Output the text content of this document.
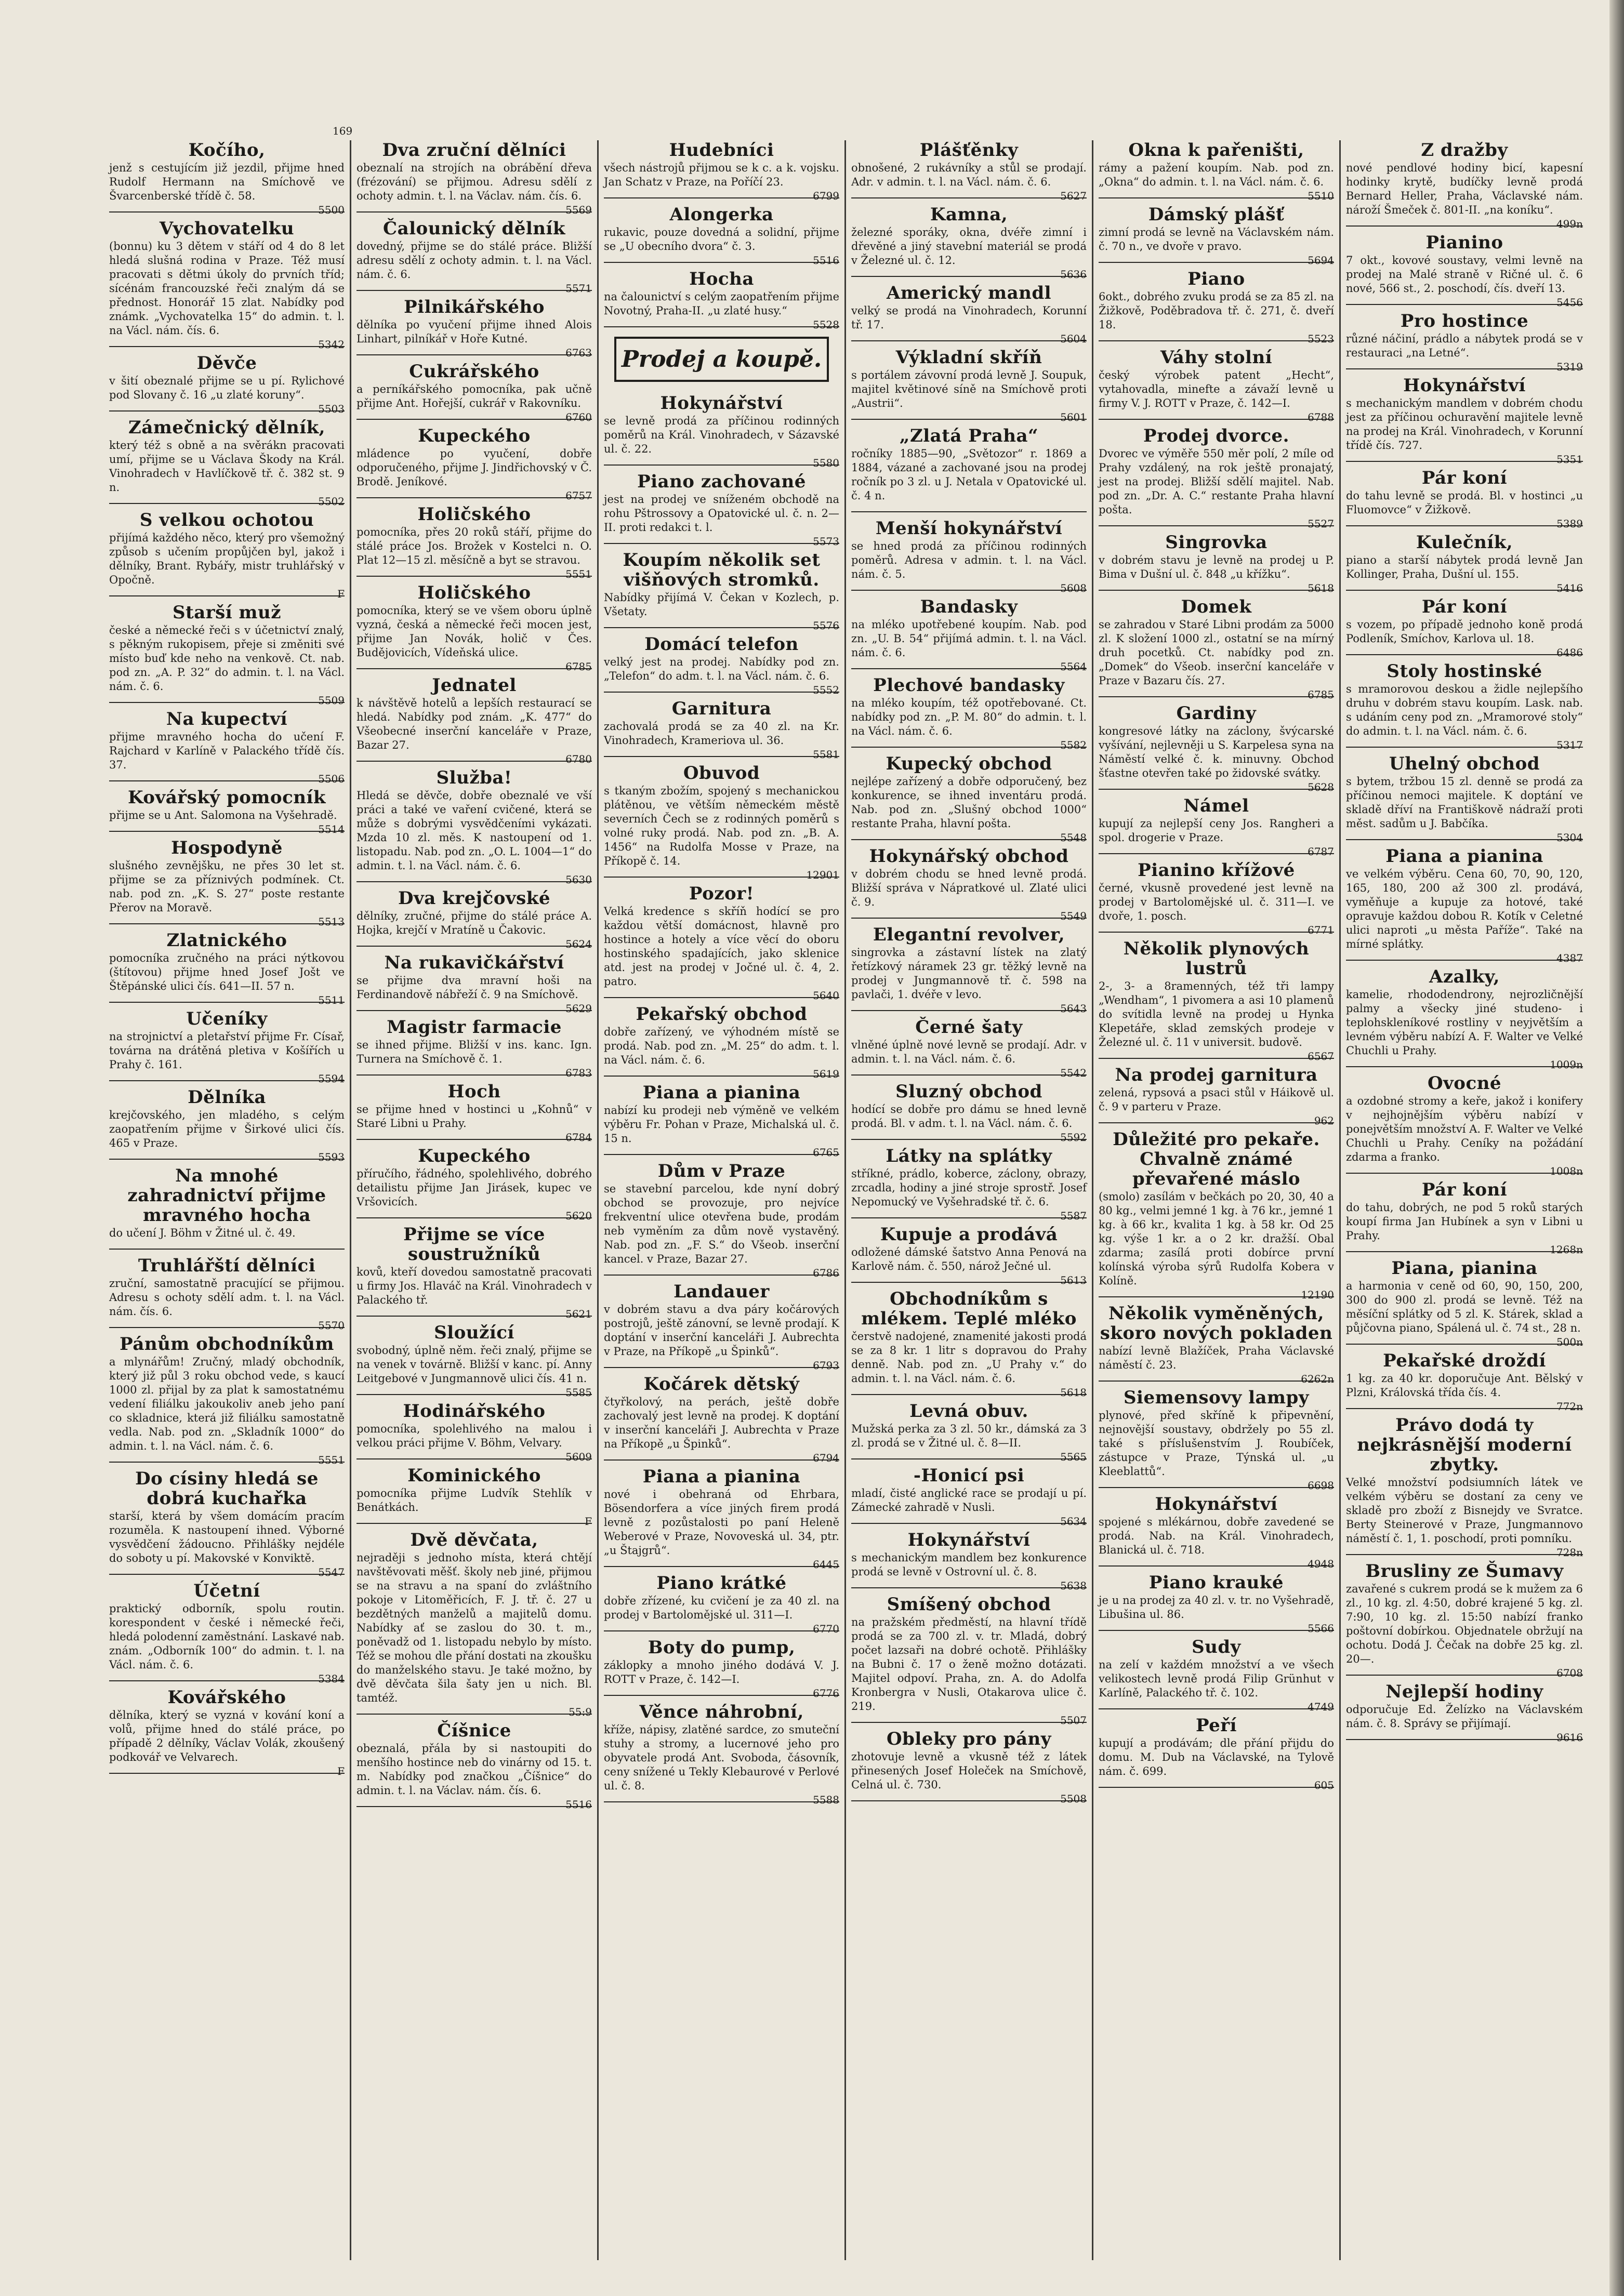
Kočího,

jenž s cestujícím již jezdil, přijme hned Rudolf Hermann na Smíchově ve Švarcenberské třídě č. 58.

5500
Vychovatelku

(bonnu) ku 3 dětem v stáří od 4 do 8 let hledá slušná rodina v Praze. Též musí pracovati s dětmi úkoly do prvních tříd; sícénám francouzské řeči znalým dá se přednost. Honorář 15 zlat. Nabídky pod známk. „Vychovatelka 15“ do admin. t. l. na Václ. nám. čís. 6.

5342
Děvče

v šití obeznalé přijme se u pí. Rylichové pod Slovany č. 16 „u zlaté koruny“.

5503
Zámečnický dělník,

který též s obně a na svěrákn pracovati umí, přijme se u Václava Škody na Král. Vinohradech v Havlíčkově tř. č. 382 st. 9 n.

5502
S velkou ochotou

přijímá každého něco, který pro všemožný způsob s učením propůjčen byl, jakož i dělníky, Brant. Rybářy, mistr truhlářský v Opočně.

F
Starší muž

české a německé řeči s v účetnictví znalý, s pěkným rukopisem, přeje si změniti své místo buď kde neho na venkově. Ct. nab. pod zn. „A. P. 32“ do admin. t. l. na Václ. nám. č. 6.

5509
Na kupectví

přijme mravného hocha do učení F. Rajchard v Karlíně v Palackého třídě čís. 37.

5506
Kovářský pomocník

přijme se u Ant. Salomona na Vyšehradě.

5514
Hospodyně

slušného zevnějšku, ne přes 30 let st. přijme se za příznivých podmínek. Ct. nab. pod zn. „K. S. 27“ poste restante Přerov na Moravě.

5513
Zlatnického

pomocníka zručného na práci nýtkovou (štítovou) přijme hned Josef Jošt ve Štěpánské ulici čís. 641—II. 57 n.

5511
Učeníky

na strojnictví a pletařství přijme Fr. Císař, továrna na drátěná pletiva v Košířích u Prahy č. 161.

5594
Dělníka

krejčovského, jen mladého, s celým zaopatřením přijme v Širkové ulici čís. 465 v Praze.

5593
Na mnohé zahradnictví přijme mravného hocha

do učení J. Böhm v Žitné ul. č. 49.

Truhlářští dělníci

zruční, samostatně pracující se přijmou. Adresu s ochoty sdělí adm. t. l. na Václ. nám. čís. 6.

5570
Pánům obchodníkům

a mlynářům! Zručný, mladý obchodník, který již půl 3 roku obchod vede, s kaucí 1000 zl. přijal by za plat k samostatnému vedení filiálku jakoukoliv aneb jeho paní co skladnice, která již filiálku samostatně vedla. Nab. pod zn. „Skladník 1000“ do admin. t. l. na Václ. nám. č. 6.

5551
Do císiny hledá se dobrá kuchařka

starší, která by všem domácím pracím rozuměla. K nastoupení ihned. Výborné vysvědčení žádoucno. Přihlášky nejdéle do soboty u pí. Makovské v Konviktě.

5547
Účetní

praktický odborník, spolu routin. korespondent v české i německé řeči, hledá polodenní zaměstnání. Laskavé nab. znám. „Odborník 100“ do admin. t. l. na Václ. nám. č. 6.

5384
Kovářského

dělníka, který se vyzná v kování koní a volů, přijme hned do stálé práce, po případě 2 dělníky, Václav Volák, zkoušený podkovář ve Velvarech.

F
Dva zruční dělníci

obeznalí na strojích na obrábění dřeva (frézování) se přijmou. Adresu sdělí z ochoty admin. t. l. na Václav. nám. čís. 6.

5569
Čalounický dělník

dovedný, přijme se do stálé práce. Bližší adresu sdělí z ochoty admin. t. l. na Václ. nám. č. 6.

5571
Pilnikářského

dělníka po vyučení přijme ihned Alois Linhart, pilníkář v Hoře Kutné.

6763
Cukrářského

a perníkářského pomocníka, pak učně přijme Ant. Hořejší, cukrář v Rakovníku.

6760
Kupeckého

mládence po vyučení, dobře odporučeného, přijme J. Jindřichovský v Č. Brodě. Jeníkové.

6757
Holičského

pomocníka, přes 20 roků stáří, přijme do stálé práce Jos. Brožek v Kostelci n. O. Plat 12—15 zl. měsíčně a byt se stravou.

5551
Holičského

pomocníka, který se ve všem oboru úplně vyzná, česká a německé řeči mocen jest, přijme Jan Novák, holič v Čes. Budějovicích, Vídeňská ulice.

6785
Jednatel

k návštěvě hotelů a lepších restaurací se hledá. Nabídky pod znám. „K. 477“ do Všeobecné inserční kanceláře v Praze, Bazar 27.

6780
Služba!

Hledá se děvče, dobře obeznalé ve vší práci a také ve vaření cvičené, která se může s dobrými vysvědčeními vykázati. Mzda 10 zl. měs. K nastoupení od 1. listopadu. Nab. pod zn. „O. L. 1004—1“ do admin. t. l. na Václ. nám. č. 6.

5630
Dva krejčovské

dělníky, zručné, přijme do stálé práce A. Hojka, krejčí v Mratíně u Čakovic.

5624
Na rukavičkářství

se přijme dva mravní hoši na Ferdinandově nábřeží č. 9 na Smíchově.

5629
Magistr farmacie

se ihned přijme. Bližší v ins. kanc. Ign. Turnera na Smíchově č. 1.

6783
Hoch

se přijme hned v hostinci u „Kohnů“ v Staré Libni u Prahy.

6784
Kupeckého

příručího, řádného, spolehlivého, dobrého detailistu přijme Jan Jirásek, kupec ve Vršovicích.

5620
Přijme se více soustružníků

kovů, kteří dovedou samostatně pracovati u firmy Jos. Hlaváč na Král. Vinohradech v Palackého tř.

5621
Sloužící

svobodný, úplně něm. řeči znalý, přijme se na venek v továrně. Bližší v kanc. pí. Anny Leitgebové v Jungmannově ulici čís. 41 n.

5585
Hodinářského

pomocníka, spolehlivého na malou i velkou práci přijme V. Böhm, Velvary.

5609
Kominického

pomocníka přijme Ludvík Stehlík v Benátkách.

F
Dvě děvčata,

nejraději s jednoho místa, která chtějí navštěvovati měšť. školy neb jiné, přijmou se na stravu a na spaní do zvláštního pokoje v Litoměřicích, F. J. tř. č. 27 u bezdětných manželů a majitelů domu. Nabídky ať se zaslou do 30. t. m., poněvadž od 1. listopadu nebylo by místo. Též se mohou dle přání dostati na zkoušku do manželského stavu. Je také možno, by dvě děvčata šila šaty jen u nich. Bl. tamtéž.

55:9
Číšnice

obeznalá, přála by si nastoupiti do menšího hostince neb do vinárny od 15. t. m. Nabídky pod značkou „Číšnice“ do admin. t. l. na Václav. nám. čís. 6.

5516
Hudebníci

všech nástrojů přijmou se k c. a k. vojsku. Jan Schatz v Praze, na Poříčí 23.

6799
Alongerka

rukavic, pouze dovedná a solidní, přijme se „U obecního dvora“ č. 3.

5516
Hocha

na čalounictví s celým zaopatřením přijme Novotný, Praha-II. „u zlaté husy.“

5528
Prodej a koupě.
Hokynářství

se levně prodá za příčinou rodinných poměrů na Král. Vinohradech, v Sázavské ul. č. 22.

5580
Piano zachované

jest na prodej ve sníženém obchodě na rohu Pštrossovy a Opatovické ul. č. n. 2—II. proti redakci t. l.

5573
Koupím několik set višňových stromků.

Nabídky přijímá V. Čekan v Kozlech, p. Všetaty.

5576
Domácí telefon

velký jest na prodej. Nabídky pod zn. „Telefon“ do adm. t. l. na Václ. nám. č. 6.

5552
Garnitura

zachovalá prodá se za 40 zl. na Kr. Vinohradech, Krameriova ul. 36.

5581
Obuvod

s tkaným zbožím, spojený s mechanickou plátěnou, ve větším německém městě severních Čech se z rodinných poměrů s volné ruky prodá. Nab. pod zn. „B. A. 1456“ na Rudolfa Mosse v Praze, na Příkopě č. 14.

12901
Pozor!

Velká kredence s skříň hodící se pro každou větší domácnost, hlavně pro hostince a hotely a více věcí do oboru hostinského spadajících, jako sklenice atd. jest na prodej v Jočné ul. č. 4, 2. patro.

5640
Pekařský obchod

dobře zařízený, ve výhodném místě se prodá. Nab. pod zn. „M. 25“ do adm. t. l. na Václ. nám. č. 6.

5619
Piana a pianina

nabízí ku prodeji neb výměně ve velkém výběru Fr. Pohan v Praze, Michalská ul. č. 15 n.

6765
Dům v Praze

se stavební parcelou, kde nyní dobrý obchod se provozuje, pro nejvíce frekventní ulice otevřena bude, prodám neb vyměním za dům nově vystavěný. Nab. pod zn. „F. S.“ do Všeob. inserční kancel. v Praze, Bazar 27.

6786
Landauer

v dobrém stavu a dva páry kočárových postrojů, ještě zánovní, se levně prodají. K doptání v inserční kanceláři J. Aubrechta v Praze, na Příkopě „u Špinků“.

6793
Kočárek dětský

čtyřkolový, na perách, ještě dobře zachovalý jest levně na prodej. K doptání v inserční kanceláři J. Aubrechta v Praze na Příkopě „u Špinků“.

6794
Piana a pianina

nové i obehraná od Ehrbara, Bösendorfera a více jiných firem prodá levně z pozůstalosti po paní Heleně Weberové v Praze, Novoveská ul. 34, ptr. „u Štajgrů“.

6445
Piano krátké

dobře zřízené, ku cvičení je za 40 zl. na prodej v Bartolomějské ul. 311—I.

6770
Boty do pump,

záklopky a mnoho jiného dodává V. J. ROTT v Praze, č. 142—I.

6776
Věnce náhrobní,

kříže, nápisy, zlatěné sardce, zo smuteční stuhy a stromy, a lucernové jeho pro obyvatele prodá Ant. Svoboda, čásovník, ceny snížené u Tekly Klebaurové v Perlové ul. č. 8.

5588
Plášťěnky

obnošené, 2 rukávníky a stůl se prodají. Adr. v admin. t. l. na Václ. nám. č. 6.

5627
Kamna,

železné sporáky, okna, dvéře zimní i dřevěné a jiný stavební materiál se prodá v Železné ul. č. 12.

5636
Americký mandl

velký se prodá na Vinohradech, Korunní tř. 17.

5604
Výkladní skříň

s portálem závovní prodá levně J. Soupuk, majitel květinové síně na Smíchově proti „Austrii“.

5601
„Zlatá Praha“

ročníky 1885—90, „Světozor“ r. 1869 a 1884, vázané a zachované jsou na prodej ročník po 3 zl. u J. Netala v Opatovické ul. č. 4 n.

Menší hokynářství

se hned prodá za příčinou rodinných poměrů. Adresa v admin. t. l. na Václ. nám. č. 5.

5608
Bandasky

na mléko upotřebené koupím. Nab. pod zn. „U. B. 54“ přijímá admin. t. l. na Václ. nám. č. 6.

5564
Plechové bandasky

na mléko koupím, též opotřebované. Ct. nabídky pod zn. „P. M. 80“ do admin. t. l. na Václ. nám. č. 6.

5582
Kupecký obchod

nejlépe zařízený a dobře odporučený, bez konkurence, se ihned inventáru prodá. Nab. pod zn. „Slušný obchod 1000“ restante Praha, hlavní pošta.

5548
Hokynářský obchod

v dobrém chodu se hned levně prodá. Bližší správa v Nápratkové ul. Zlaté ulici č. 9.

5549
Elegantní revolver,

singrovka a zástavní lístek na zlatý řetízkový náramek 23 gr. těžký levně na prodej v Jungmannově tř. č. 598 na pavlači, 1. dvéře v levo.

5643
Černé šaty

vlněné úplně nové levně se prodají. Adr. v admin. t. l. na Václ. nám. č. 6.

5542
Sluzný obchod

hodící se dobře pro dámu se hned levně prodá. Bl. v adm. t. l. na Václ. nám. č. 6.

5592
Látky na splátky

stříkné, prádlo, koberce, záclony, obrazy, zrcadla, hodiny a jiné stroje sprostř. Josef Nepomucký ve Vyšehradské tř. č. 6.

5587
Kupuje a prodává

odložené dámské šatstvo Anna Penová na Karlově nám. č. 550, nárož Ječné ul.

5613
Obchodníkům s mlékem. Teplé mléko

čerstvě nadojené, znamenité jakosti prodá se za 8 kr. 1 litr s dopravou do Prahy denně. Nab. pod zn. „U Prahy v.“ do admin. t. l. na Václ. nám. č. 6.

5618
Levná obuv.

Mužská perka za 3 zl. 50 kr., dámská za 3 zl. prodá se v Žitné ul. č. 8—II.

5565
-Honicí psi

mladí, čisté anglické race se prodají u pí. Zámecké zahradě v Nusli.

5634
Hokynářství

s mechanickým mandlem bez konkurence prodá se levně v Ostrovní ul. č. 8.

5638
Smíšený obchod

na pražském předměstí, na hlavní třídě prodá se za 700 zl. v. tr. Mladá, dobrý počet lazsaři na dobré ochotě. Přihlášky na Bubni č. 17 o ženě možno dotázati. Majitel odpoví. Praha, zn. A. do Adolfa Kronbergra v Nusli, Otakarova ulice č. 219.

5507
Obleky pro pány

zhotovuje levně a vkusně též z látek přinesených Josef Holeček na Smíchově, Celná ul. č. 730.

5508
Okna k pařeništi,

rámy a pažení koupím. Nab. pod zn. „Okna“ do admin. t. l. na Václ. nám. č. 6.

5510
Dámský plášť

zimní prodá se levně na Václavském nám. č. 70 n., ve dvoře v pravo.

5694
Piano

6okt., dobrého zvuku prodá se za 85 zl. na Žižkově, Poděbradova tř. č. 271, č. dveří 18.

5523
Váhy stolní

český výrobek patent „Hecht“, vytahovadla, minefte a závaží levně u firmy V. J. ROTT v Praze, č. 142—I.

6788
Prodej dvorce.

Dvorec ve výměře 550 měr polí, 2 míle od Prahy vzdálený, na rok ještě pronajatý, jest na prodej. Bližší sdělí majitel. Nab. pod zn. „Dr. A. C.“ restante Praha hlavní pošta.

5527
Singrovka

v dobrém stavu je levně na prodej u P. Bima v Dušní ul. č. 848 „u křížku“.

5618
Domek

se zahradou v Staré Libni prodám za 5000 zl. K složení 1000 zl., ostatní se na mírný druh pocetků. Ct. nabídky pod zn. „Domek“ do Všeob. inserční kanceláře v Praze v Bazaru čís. 27.

6785
Gardiny

kongresové látky na záclony, švýcarské vyšívání, nejlevněji u S. Karpelesa syna na Náměstí velké č. k. minuvny. Obchod šťastne otevřen také po židovské svátky.

5628
Námel

kupují za nejlepší ceny Jos. Rangheri a spol. drogerie v Praze.

6787
Pianino křížové

černé, vkusně provedené jest levně na prodej v Bartolomějské ul. č. 311—I. ve dvoře, 1. posch.

6771
Několik plynových lustrů

2-, 3- a 8ramenných, též tři lampy „Wendham“, 1 pivomera a asi 10 plamenů do svítidla levně na prodej u Hynka Klepetáře, sklad zemských prodeje v Železné ul. č. 11 v universit. budově.

6567
Na prodej garnitura

zelená, rypsová a psaci stůl v Háikově ul. č. 9 v parteru v Praze.

962
Důležité pro pekaře. Chvalně známé převařené máslo

(smolo) zasílám v bečkách po 20, 30, 40 a 80 kg., velmi jemné 1 kg. à 76 kr., jemné 1 kg. à 66 kr., kvalita 1 kg. à 58 kr. Od 25 kg. výše 1 kr. a o 2 kr. dražší. Obal zdarma; zasílá proti dobírce první kolínská výroba sýrů Rudolfa Kobera v Kolíně.

12190
Několik vyměněných, skoro nových pokladen

nabízí levně Blažíček, Praha Václavské náměstí č. 23.

6262n
Siemensovy lampy

plynové, před skříně k připevnění, nejnovější soustavy, obdržely po 55 zl. také s příslušenstvím J. Roubíček, zástupce v Praze, Týnská ul. „u Kleeblattů“.

6698
Hokynářství

spojené s mlékárnou, dobře zavedené se prodá. Nab. na Král. Vinohradech, Blanická ul. č. 718.

4948
Piano krauké

je u na prodej za 40 zl. v. tr. no Vyšehradě, Libušina ul. 86.

5566
Sudy

na zelí v každém množství a ve všech velikostech levně prodá Filip Grünhut v Karlíně, Palackého tř. č. 102.

4749
Peří

kupují a prodávám; dle přání přijdu do domu. M. Dub na Václavské, na Tylově nám. č. 699.

605
Z dražby

nové pendlové hodiny bicí, kapesní hodinky krytě, budíčky levně prodá Bernard Heller, Praha, Václavské nám. nároží Šmeček č. 801-II. „na koníku“.

499n
Pianino

7 okt., kovové soustavy, velmi levně na prodej na Malé straně v Ričné ul. č. 6 nové, 566 st., 2. poschodí, čís. dveří 13.

5456
Pro hostince

různé náčiní, prádlo a nábytek prodá se v restauraci „na Letné“.

5319
Hokynářství

s mechanickým mandlem v dobrém chodu jest za příčinou ochuravění majitele levně na prodej na Král. Vinohradech, v Korunní třídě čís. 727.

5351
Pár koní

do tahu levně se prodá. Bl. v hostinci „u Fluomovce“ v Žižkově.

5389
Kulečník,

piano a starší nábytek prodá levně Jan Kollinger, Praha, Dušní ul. 155.

5416
Pár koní

s vozem, po případě jednoho koně prodá Podleník, Smíchov, Karlova ul. 18.

6486
Stoly hostinské

s mramorovou deskou a židle nejlepšího druhu v dobrém stavu koupím. Lask. nab. s udáním ceny pod zn. „Mramorové stoly“ do admin. t. l. na Václ. nám. č. 6.

5317
Uhelný obchod

s bytem, tržbou 15 zl. denně se prodá za příčinou nemoci majitele. K doptání ve skladě dříví na Františkově nádraží proti měst. sadům u J. Babčíka.

5304
Piana a pianina

ve velkém výběru. Cena 60, 70, 90, 120, 165, 180, 200 až 300 zl. prodává, vyměňuje a kupuje za hotové, také opravuje každou dobou R. Kotík v Celetné ulici naproti „u města Paříže“. Také na mírné splátky.

4387
Azalky,

kamelie, rhododendrony, nejrozličnější palmy a všecky jiné studeno- i teplohskleníkové rostliny v neyjvětším a levném výběru nabízí A. F. Walter ve Velké Chuchli u Prahy.

1009n
Ovocné

a ozdobné stromy a keře, jakož i konifery v nejhojnějším výběru nabízí v ponejvětším množství A. F. Walter ve Velké Chuchli u Prahy. Ceníky na požádání zdarma a franko.

1008n
Pár koní

do tahu, dobrých, ne pod 5 roků starých koupí firma Jan Hubínek a syn v Libni u Prahy.

1268n
Piana, pianina

a harmonia v ceně od 60, 90, 150, 200, 300 do 900 zl. prodá se levně. Též na měsíční splátky od 5 zl. K. Stárek, sklad a půjčovna piano, Spálená ul. č. 74 st., 28 n.

500n
Pekařské droždí

1 kg. za 40 kr. doporučuje Ant. Bělský v Plzni, Královská třída čís. 4.

772n
Právo dodá ty nejkrásnější moderní zbytky.

Velké množství podsiumních látek ve velkém výběru se dostaní za ceny ve skladě pro zboží z Bisnejdy ve Svratce. Berty Steinerové v Praze, Jungmannovo náměstí č. 1, 1. poschodí, proti pomníku.

728n
Brusliny ze Šumavy

zavařené s cukrem prodá se k mužem za 6 zl., 10 kg. zl. 4:50, dobré krajené 5 kg. zl. 7:90, 10 kg. zl. 15:50 nabízí franko poštovní dobírkou. Objednatele obržují na ochotu. Dodá J. Čečak na dobře 25 kg. zl. 20—.

6708
Nejlepší hodiny

odporučuje Ed. Želízko na Václavském nám. č. 8. Správy se přijímají.

9616
169
